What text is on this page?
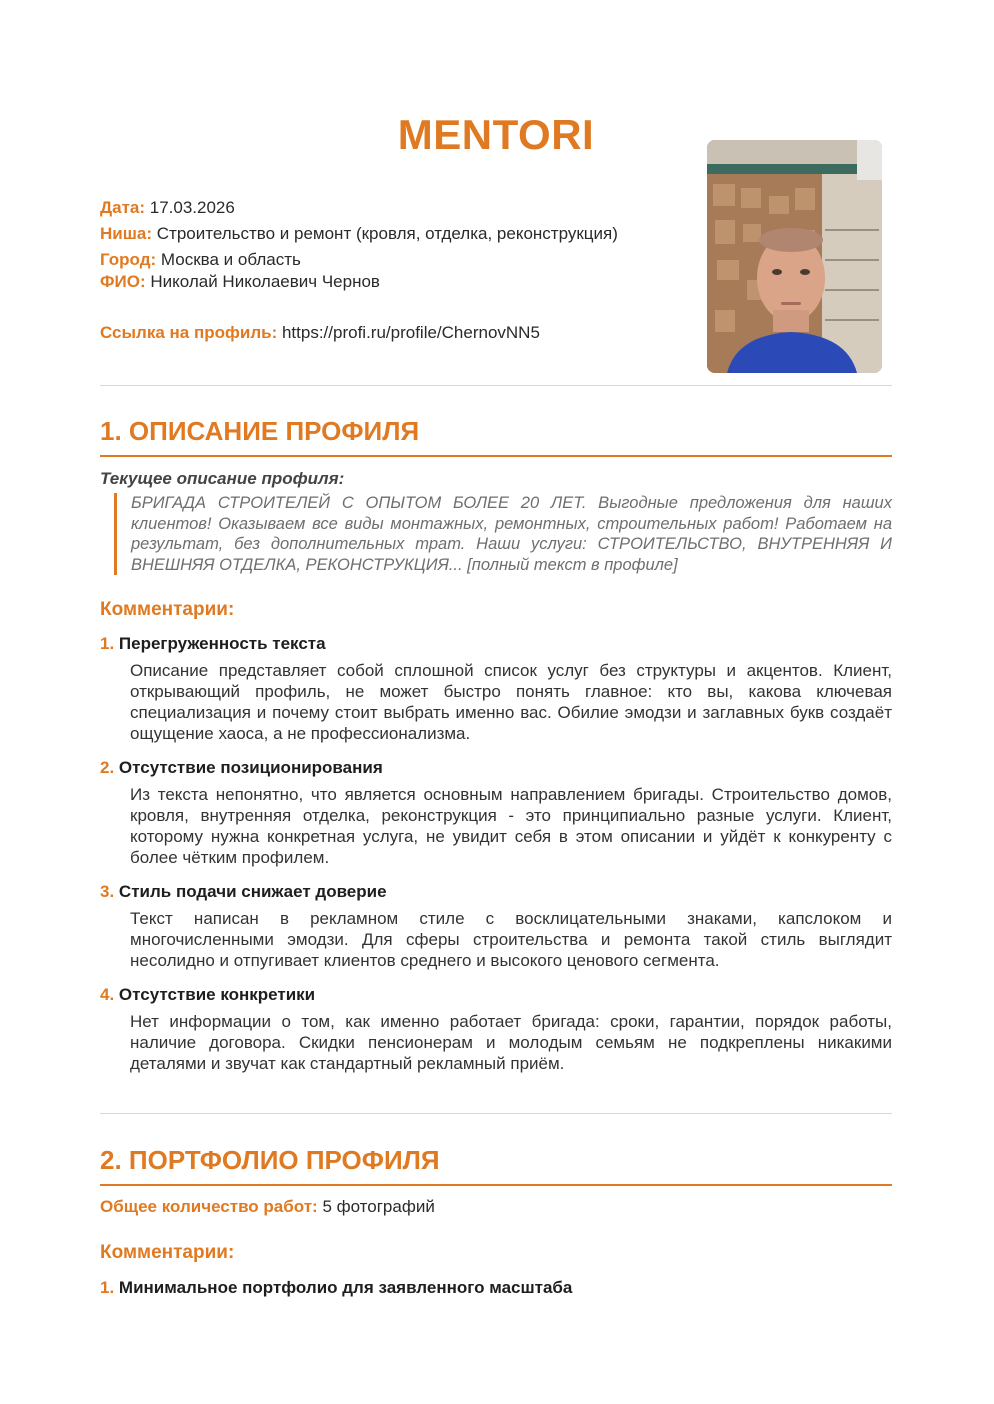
MENTORI
Дата: 17.03.2026
Ниша: Строительство и ремонт (кровля, отделка, реконструкция)
Город: Москва и область
ФИО: Николай Николаевич Чернов
Ссылка на профиль: https://profi.ru/profile/ChernovNN5
1. ОПИСАНИЕ ПРОФИЛЯ
Текущее описание профиля:
БРИГАДА СТРОИТЕЛЕЙ С ОПЫТОМ БОЛЕЕ 20 ЛЕТ. Выгодные предложения для наших клиентов! Оказываем все виды монтажных, ремонтных, строительных работ! Работаем на результат, без дополнительных трат. Наши услуги: СТРОИТЕЛЬСТВО, ВНУТРЕННЯЯ И ВНЕШНЯЯ ОТДЕЛКА, РЕКОНСТРУКЦИЯ... [полный текст в профиле]
Комментарии:
1. Перегруженность текста
Описание представляет собой сплошной список услуг без структуры и акцентов. Клиент, открывающий профиль, не может быстро понять главное: кто вы, какова ключевая специализация и почему стоит выбрать именно вас. Обилие эмодзи и заглавных букв создаёт ощущение хаоса, а не профессионализма.
2. Отсутствие позиционирования
Из текста непонятно, что является основным направлением бригады. Строительство домов, кровля, внутренняя отделка, реконструкция - это принципиально разные услуги. Клиент, которому нужна конкретная услуга, не увидит себя в этом описании и уйдёт к конкуренту с более чётким профилем.
3. Стиль подачи снижает доверие
Текст написан в рекламном стиле с восклицательными знаками, капслоком и многочисленными эмодзи. Для сферы строительства и ремонта такой стиль выглядит несолидно и отпугивает клиентов среднего и высокого ценового сегмента.
4. Отсутствие конкретики
Нет информации о том, как именно работает бригада: сроки, гарантии, порядок работы, наличие договора. Скидки пенсионерам и молодым семьям не подкреплены никакими деталями и звучат как стандартный рекламный приём.
2. ПОРТФОЛИО ПРОФИЛЯ
Общее количество работ: 5 фотографий
Комментарии:
1. Минимальное портфолио для заявленного масштаба
